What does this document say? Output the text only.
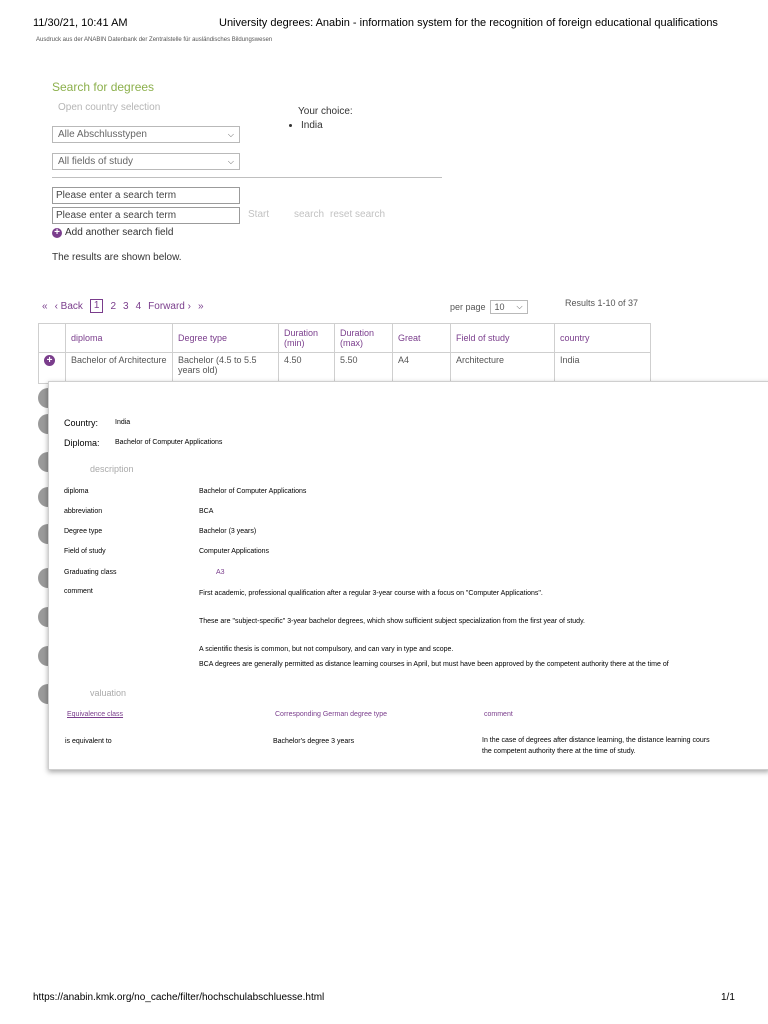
11/30/21, 10:41 AM	University degrees: Anabin - information system for the recognition of foreign educational qualifications
Ausdruck aus der ANABIN Datenbank der Zentralstelle für ausländisches Bildungswesen
Search for degrees
Open country selection	Your choice:
• India
Alle Abschlusstypen	⌵
All fields of study	⌵
Please enter a search term
Please enter a search term	Start search reset search
+ Add another search field
The results are shown below.
« ‹ Back	1	2 3 4 Forward › »	per page 10 ⌵	Results 1-10 of 37
	diploma	Degree type	Duration (min)	Duration (max)	Great	Field of study	country
+	Bachelor of Architecture	Bachelor (4.5 to 5.5 years old)	4.50	5.50	A4	Architecture	India
Country: India
Diploma: Bachelor of Computer Applications
description
diploma	Bachelor of Computer Applications
abbreviation	BCA
Degree type	Bachelor (3 years)
Field of study	Computer Applications
Graduating class	A3
comment	First academic, professional qualification after a regular 3-year course with a focus on "Computer Applications".
These are "subject-specific" 3-year bachelor degrees, which show sufficient subject specialization from the first year of study.
A scientific thesis is common, but not compulsory, and can vary in type and scope.
BCA degrees are generally permitted as distance learning courses in April, but must have been approved by the competent authority there at the time of
valuation
Equivalence class	Corresponding German degree type	comment
is equivalent to	Bachelor's degree 3 years	In the case of degrees after distance learning, the distance learning cours
the competent authority there at the time of study.
https://anabin.kmk.org/no_cache/filter/hochschulabschluesse.html	1/1
